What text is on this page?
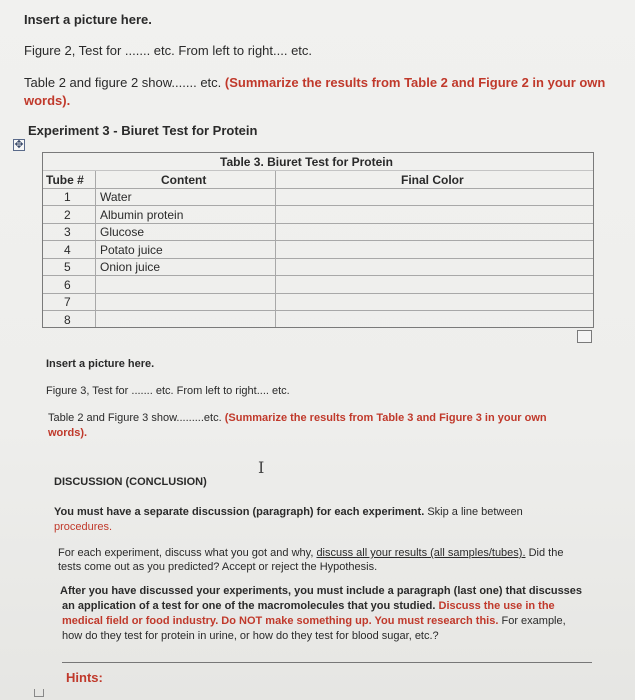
Insert a picture here.
Figure 2, Test for ....... etc. From left to right.... etc.
Table 2 and figure 2 show....... etc. (Summarize the results from Table 2 and Figure 2 in your own
words).
Experiment 3 - Biuret Test for Protein
✥
Table 3. Biuret Test for Protein
Tube #	Content	Final Color
1 Water
2 Albumin protein
3 Glucose
4 Potato juice
5 Onion juice
6
7
8
Insert a picture here.
Figure 3, Test for ....... etc. From left to right.... etc.
Table 2 and Figure 3 show.........etc. (Summarize the results from Table 3 and Figure 3 in your own
words).
I
DISCUSSION (CONCLUSION)
You must have a separate discussion (paragraph) for each experiment. Skip a line between
procedures.
For each experiment, discuss what you got and why, discuss all your results (all samples/tubes). Did the
tests come out as you predicted? Accept or reject the Hypothesis.
After you have discussed your experiments, you must include a paragraph (last one) that discusses
an application of a test for one of the macromolecules that you studied. Discuss the use in the
medical field or food industry. Do NOT make something up. You must research this. For example,
how do they test for protein in urine, or how do they test for blood sugar, etc.?
Hints:
